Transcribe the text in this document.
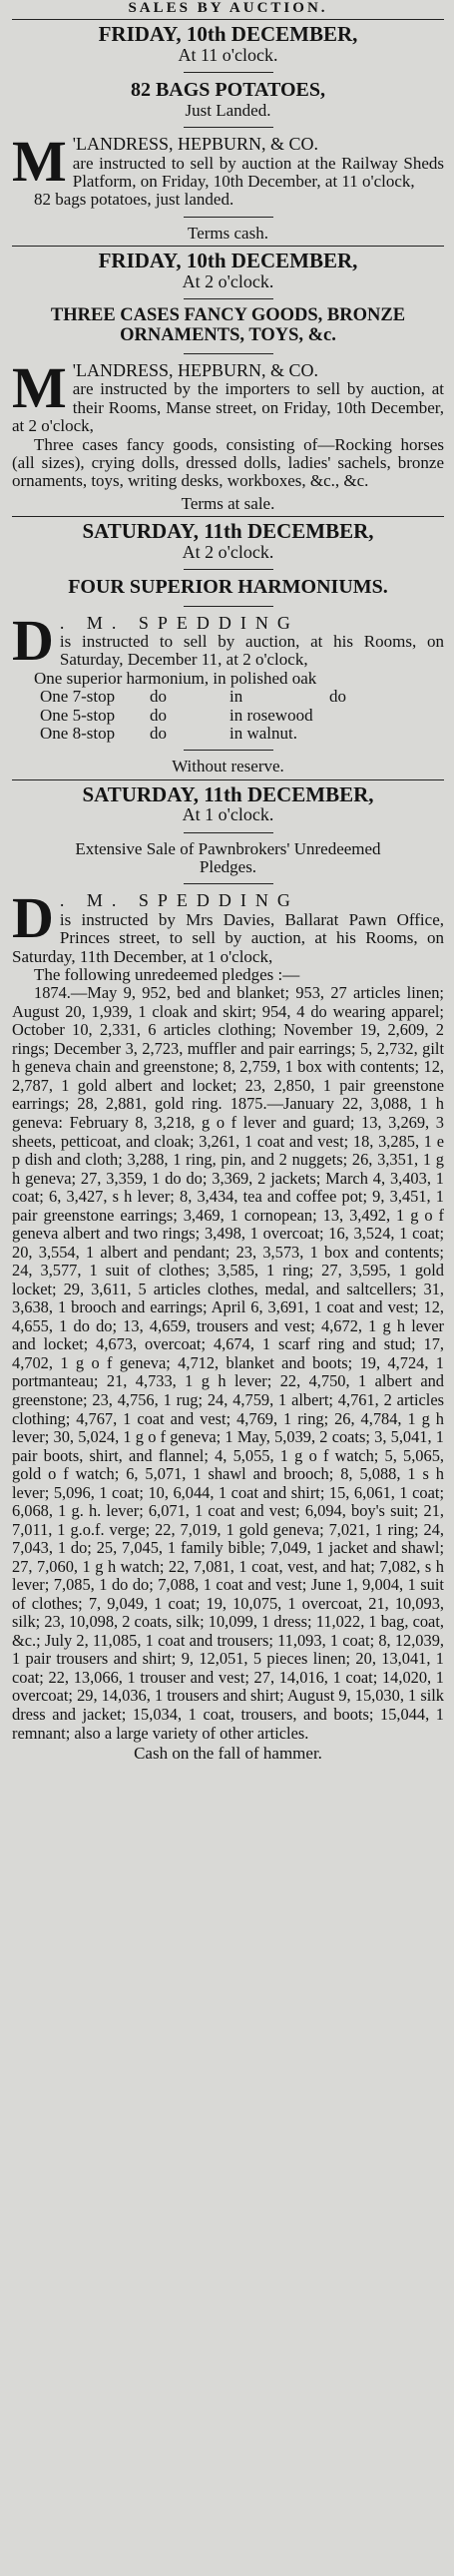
SALES BY AUCTION.
FRIDAY, 10th DECEMBER,
At 11 o'clock.
82 BAGS POTATOES,
Just Landed.
M 'LANDRESS, HEPBURN, & CO.

are instructed to sell by auction at the Railway Sheds Platform, on Friday, 10th December, at 11 o'clock,

82 bags potatoes, just landed.

Terms cash.
FRIDAY, 10th DECEMBER,
At 2 o'clock.
THREE CASES FANCY GOODS, BRONZE
ORNAMENTS, TOYS, &c.
M 'LANDRESS, HEPBURN, & CO.

are instructed by the importers to sell by auction, at their Rooms, Manse street, on Friday, 10th December, at 2 o'clock,

Three cases fancy goods, consisting of—Rocking horses (all sizes), crying dolls, dressed dolls, ladies' sachels, bronze ornaments, toys, writing desks, workboxes, &c., &c.

Terms at sale.
SATURDAY, 11th DECEMBER,
At 2 o'clock.
FOUR SUPERIOR HARMONIUMS.
D . M. SPEDDING

is instructed to sell by auction, at his Rooms, on Saturday, December 11, at 2 o'clock,

One superior harmonium, in polished oak

One 7-stop	do	in	do
One 5-stop	do	in rosewood
One 8-stop	do	in walnut.
Without reserve.
SATURDAY, 11th DECEMBER,
At 1 o'clock.
Extensive Sale of Pawnbrokers' Unredeemed
Pledges.
D . M. SPEDDING

is instructed by Mrs Davies, Ballarat Pawn Office, Princes street, to sell by auction, at his Rooms, on Saturday, 11th December, at 1 o'clock,

The following unredeemed pledges :—

1874.—May 9, 952, bed and blanket; 953, 27 articles linen; August 20, 1,939, 1 cloak and skirt; 954, 4 do wearing apparel; October 10, 2,331, 6 articles clothing; November 19, 2,609, 2 rings; December 3, 2,723, muffler and pair earrings; 5, 2,732, gilt h geneva chain and greenstone; 8, 2,759, 1 box with contents; 12, 2,787, 1 gold albert and locket; 23, 2,850, 1 pair greenstone earrings; 28, 2,881, gold ring. 1875.—January 22, 3,088, 1 h geneva: February 8, 3,218, g o f lever and guard; 13, 3,269, 3 sheets, petticoat, and cloak; 3,261, 1 coat and vest; 18, 3,285, 1 e p dish and cloth; 3,288, 1 ring, pin, and 2 nuggets; 26, 3,351, 1 g h geneva; 27, 3,359, 1 do do; 3,369, 2 jackets; March 4, 3,403, 1 coat; 6, 3,427, s h lever; 8, 3,434, tea and coffee pot; 9, 3,451, 1 pair greenstone earrings; 3,469, 1 cornopean; 13, 3,492, 1 g o f geneva albert and two rings; 3,498, 1 overcoat; 16, 3,524, 1 coat; 20, 3,554, 1 albert and pendant; 23, 3,573, 1 box and contents; 24, 3,577, 1 suit of clothes; 3,585, 1 ring; 27, 3,595, 1 gold locket; 29, 3,611, 5 articles clothes, medal, and saltcellers; 31, 3,638, 1 brooch and earrings; April 6, 3,691, 1 coat and vest; 12, 4,655, 1 do do; 13, 4,659, trousers and vest; 4,672, 1 g h lever and locket; 4,673, overcoat; 4,674, 1 scarf ring and stud; 17, 4,702, 1 g o f geneva; 4,712, blanket and boots; 19, 4,724, 1 portmanteau; 21, 4,733, 1 g h lever; 22, 4,750, 1 albert and greenstone; 23, 4,756, 1 rug; 24, 4,759, 1 albert; 4,761, 2 articles clothing; 4,767, 1 coat and vest; 4,769, 1 ring; 26, 4,784, 1 g h lever; 30, 5,024, 1 g o f geneva; 1 May, 5,039, 2 coats; 3, 5,041, 1 pair boots, shirt, and flannel; 4, 5,055, 1 g o f watch; 5, 5,065, gold o f watch; 6, 5,071, 1 shawl and brooch; 8, 5,088, 1 s h lever; 5,096, 1 coat; 10, 6,044, 1 coat and shirt; 15, 6,061, 1 coat; 6,068, 1 g. h. lever; 6,071, 1 coat and vest; 6,094, boy's suit; 21, 7,011, 1 g.o.f. verge; 22, 7,019, 1 gold geneva; 7,021, 1 ring; 24, 7,043, 1 do; 25, 7,045, 1 family bible; 7,049, 1 jacket and shawl; 27, 7,060, 1 g h watch; 22, 7,081, 1 coat, vest, and hat; 7,082, s h lever; 7,085, 1 do do; 7,088, 1 coat and vest; June 1, 9,004, 1 suit of clothes; 7, 9,049, 1 coat; 19, 10,075, 1 overcoat, 21, 10,093, silk; 23, 10,098, 2 coats, silk; 10,099, 1 dress; 11,022, 1 bag, coat, &c.; July 2, 11,085, 1 coat and trousers; 11,093, 1 coat; 8, 12,039, 1 pair trousers and shirt; 9, 12,051, 5 pieces linen; 20, 13,041, 1 coat; 22, 13,066, 1 trouser and vest; 27, 14,016, 1 coat; 14,020, 1 overcoat; 29, 14,036, 1 trousers and shirt; August 9, 15,030, 1 silk dress and jacket; 15,034, 1 coat, trousers, and boots; 15,044, 1 remnant; also a large variety of other articles.

Cash on the fall of hammer.
